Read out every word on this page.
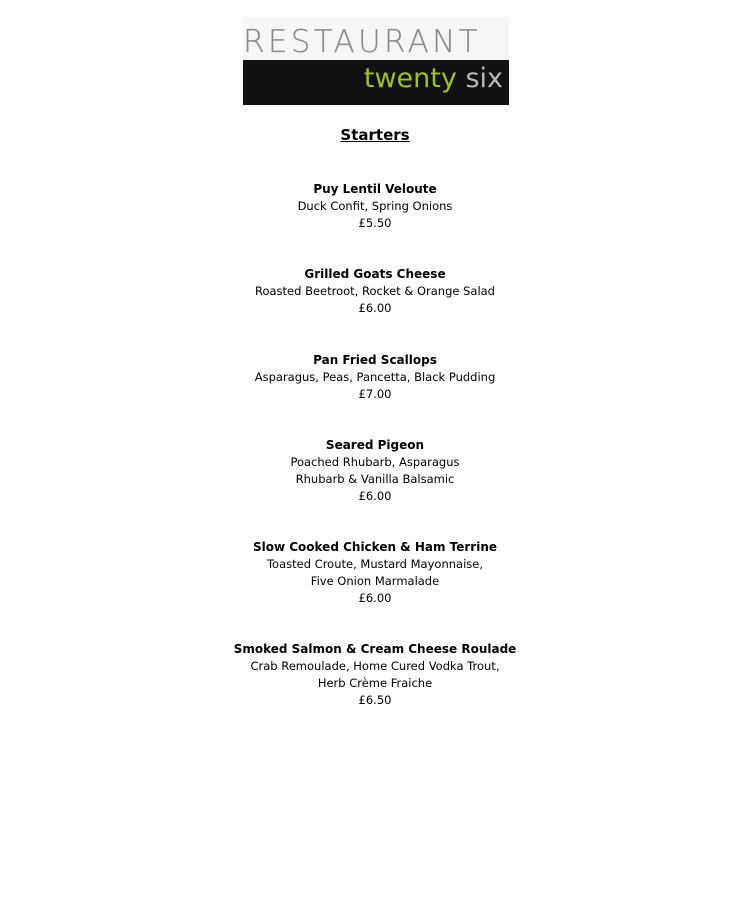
RESTAURANT
twenty six
Starters
Puy Lentil Veloute
Duck Confit, Spring Onions
£5.50
Grilled Goats Cheese
Roasted Beetroot, Rocket & Orange Salad
£6.00
Pan Fried Scallops
Asparagus, Peas, Pancetta, Black Pudding
£7.00
Seared Pigeon
Poached Rhubarb, Asparagus
Rhubarb & Vanilla Balsamic
£6.00
Slow Cooked Chicken & Ham Terrine
Toasted Croute, Mustard Mayonnaise,
Five Onion Marmalade
£6.00
Smoked Salmon & Cream Cheese Roulade
Crab Remoulade, Home Cured Vodka Trout,
Herb Crème Fraiche
£6.50
